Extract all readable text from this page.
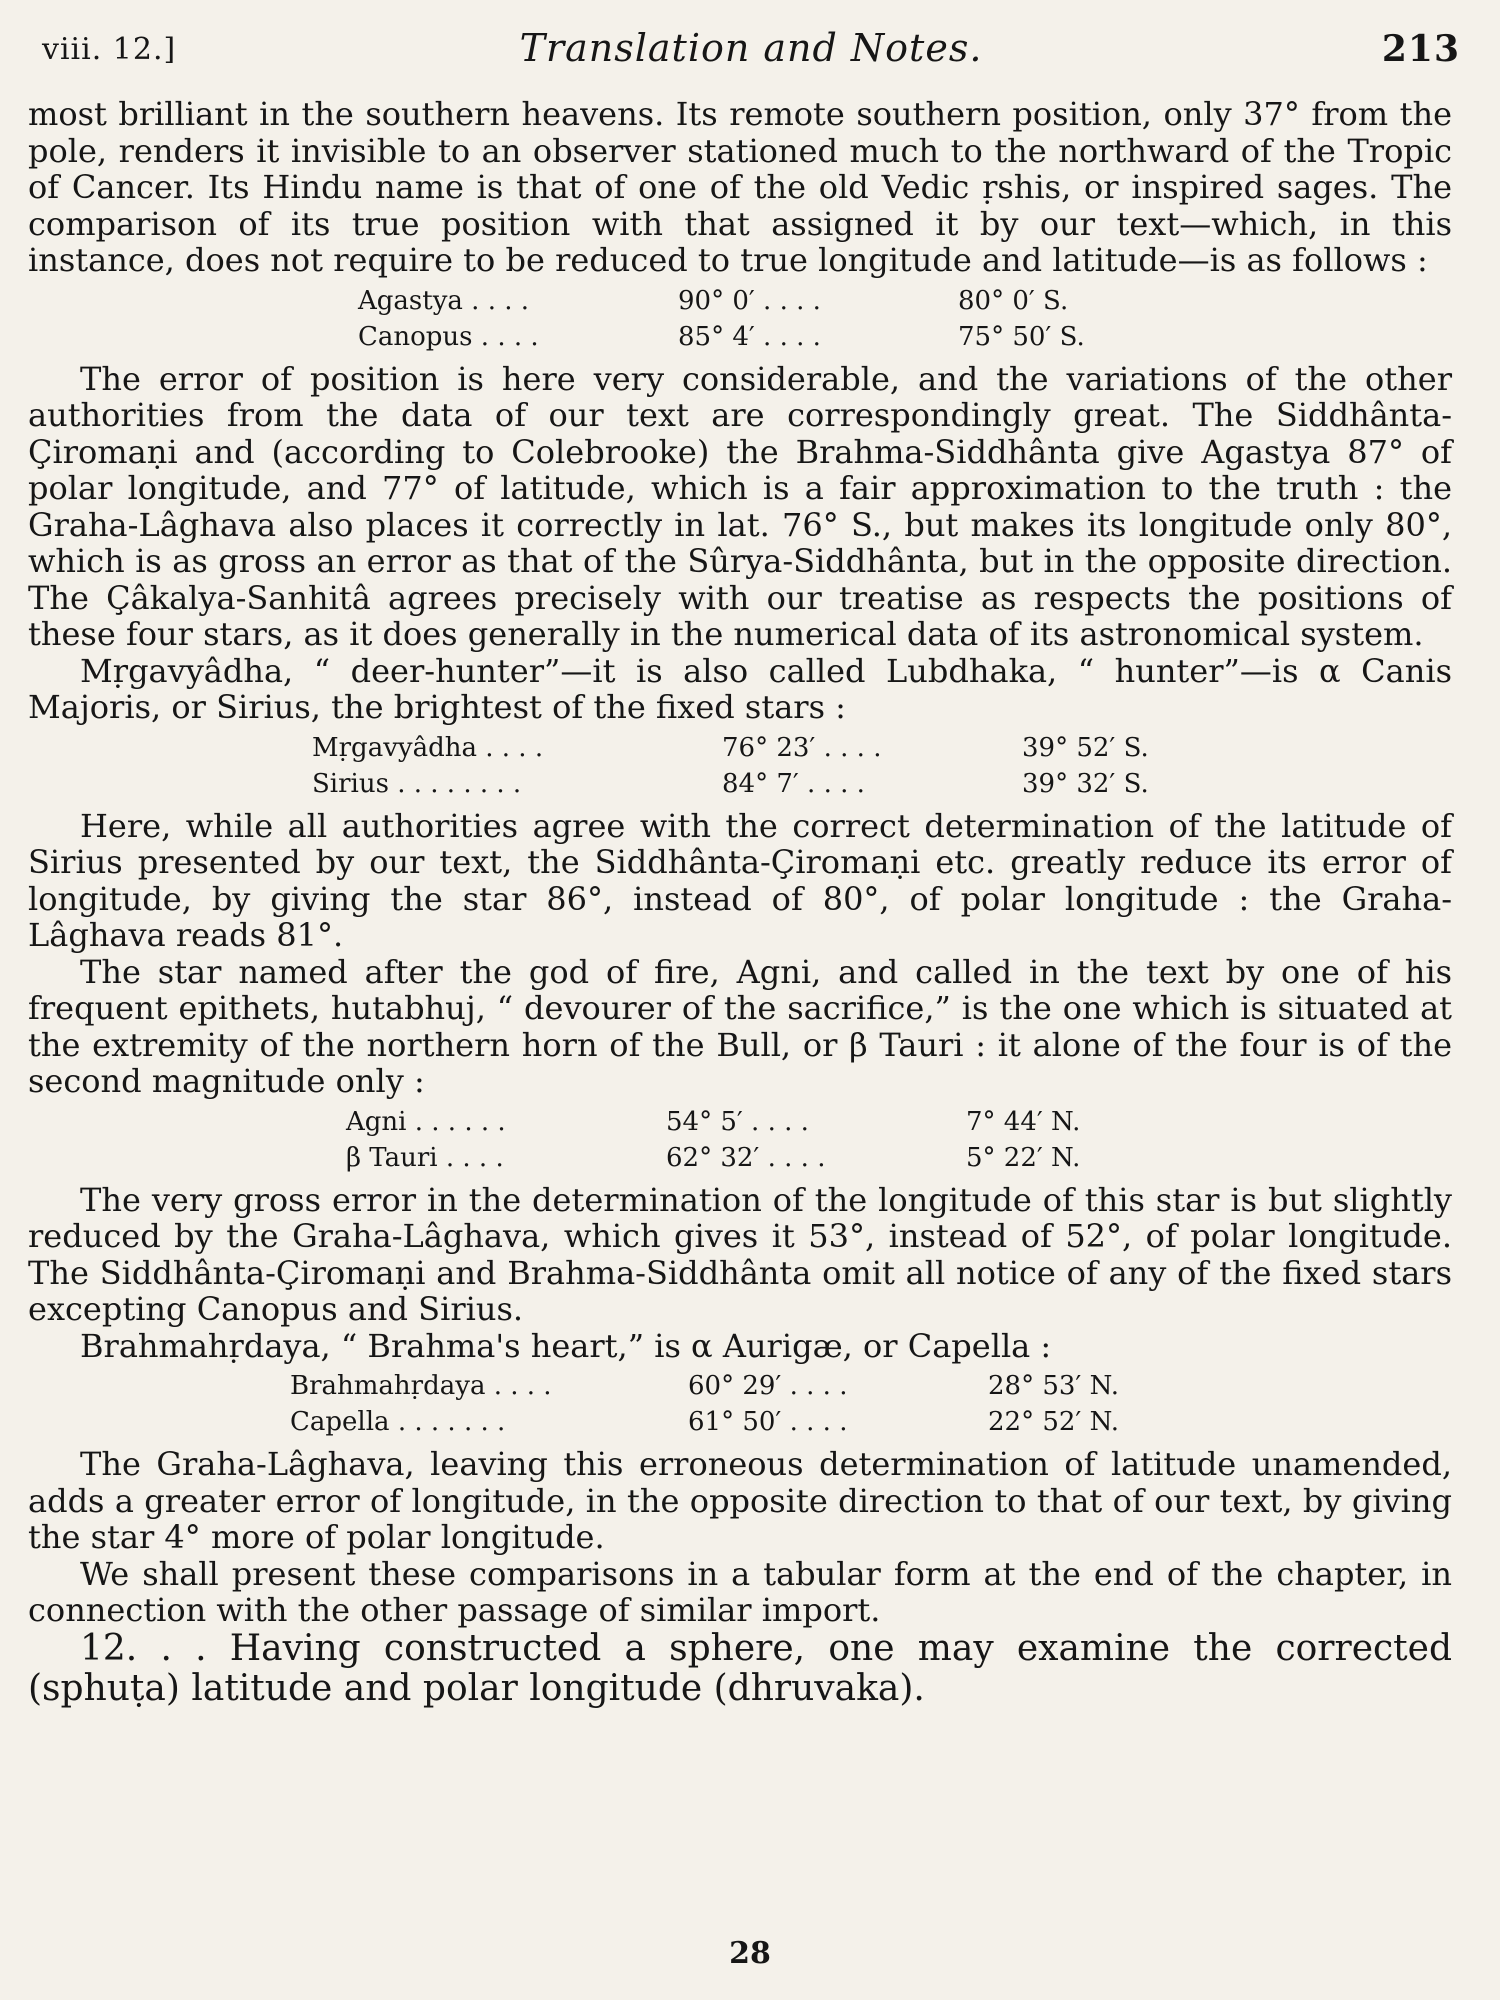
viii. 12.]	Translation and Notes.	213

most brilliant in the southern heavens. Its remote southern position, only 37° from the pole, renders it invisible to an observer stationed much to the northward of the Tropic of Cancer. Its Hindu name is that of one of the old Vedic ṛshis, or inspired sages. The comparison of its true position with that assigned it by our text—which, in this instance, does not require to be reduced to true longitude and latitude—is as follows :

Agastya . . . .	90° 0′ . . . .	80° 0′ S.
Canopus . . . .	85° 4′ . . . .	75° 50′ S.

The error of position is here very considerable, and the variations of the other authorities from the data of our text are correspondingly great. The Siddhânta-Çiromaṇi and (according to Colebrooke) the Brahma-Siddhânta give Agastya 87° of polar longitude, and 77° of latitude, which is a fair approximation to the truth : the Graha-Lâghava also places it correctly in lat. 76° S., but makes its longitude only 80°, which is as gross an error as that of the Sûrya-Siddhânta, but in the opposite direction. The Çâkalya-Sanhitâ agrees precisely with our treatise as respects the positions of these four stars, as it does generally in the numerical data of its astronomical system.

Mṛgavyâdha, “ deer-hunter”—it is also called Lubdhaka, “ hunter”—is α Canis Majoris, or Sirius, the brightest of the fixed stars :

Mṛgavyâdha . . . .	76° 23′ . . . .	39° 52′ S.
Sirius . . . . . . . .	84° 7′ . . . .	39° 32′ S.

Here, while all authorities agree with the correct determination of the latitude of Sirius presented by our text, the Siddhânta-Çiromaṇi etc. greatly reduce its error of longitude, by giving the star 86°, instead of 80°, of polar longitude : the Graha-Lâghava reads 81°.

The star named after the god of fire, Agni, and called in the text by one of his frequent epithets, hutabhuj, “ devourer of the sacrifice,” is the one which is situated at the extremity of the northern horn of the Bull, or β Tauri : it alone of the four is of the second magnitude only :

Agni . . . . . .	54° 5′ . . . .	7° 44′ N.
β Tauri . . . .	62° 32′ . . . .	5° 22′ N.

The very gross error in the determination of the longitude of this star is but slightly reduced by the Graha-Lâghava, which gives it 53°, instead of 52°, of polar longitude. The Siddhânta-Çiromaṇi and Brahma-Siddhânta omit all notice of any of the fixed stars excepting Canopus and Sirius.

Brahmahṛdaya, “ Brahma's heart,” is α Aurigæ, or Capella :

Brahmahṛdaya . . . .	60° 29′ . . . .	28° 53′ N.
Capella . . . . . . .	61° 50′ . . . .	22° 52′ N.

The Graha-Lâghava, leaving this erroneous determination of latitude unamended, adds a greater error of longitude, in the opposite direction to that of our text, by giving the star 4° more of polar longitude.

We shall present these comparisons in a tabular form at the end of the chapter, in connection with the other passage of similar import.

12. . . Having constructed a sphere, one may examine the corrected (sphuṭa) latitude and polar longitude (dhruvaka).

28
